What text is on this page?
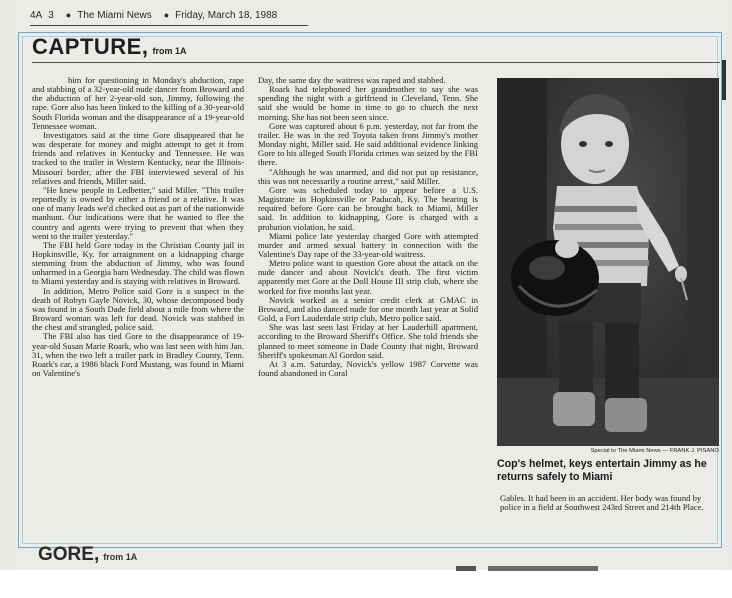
4A 3 ● The Miami News ● Friday, March 18, 1988
CAPTURE, from 1A

him for questioning in Monday's abduction, rape and stabbing of a 32-year-old nude dancer from Broward and the abduction of her 2-year-old son, Jimmy, following the rape. Gore also has been linked to the killing of a 30-year-old South Florida woman and the disappearance of a 19-year-old Tennessee woman.

Investigators said at the time Gore disappeared that he was desperate for money and might attempt to get it from friends and relatives in Kentucky and Tennessee. He was tracked to the trailer in Western Kentucky, near the Illinois-Missouri border, after the FBI interviewed several of his relatives and friends, Miller said.

"He knew people in Ledbetter," said Miller. "This trailer reportedly is owned by either a friend or a relative. It was one of many leads we'd checked out as part of the nationwide manhunt. Our indications were that he wanted to flee the country and agents were trying to prevent that when they went to the trailer yesterday."

The FBI held Gore today in the Christian County jail in Hopkinsville, Ky. for arraignment on a kidnapping charge stemming from the abduction of Jimmy, who was found unharmed in a Georgia barn Wednesday. The child was flown to Miami yesterday and is staying with relatives in Broward.

In addition, Metro Police said Gore is a suspect in the death of Robyn Gayle Novick, 30, whose decomposed body was found in a South Dade field about a mile from where the Broward woman was left for dead. Novick was stabbed in the chest and strangled, police said.

The FBI also has tied Gore to the disappearance of 19-year-old Susan Marie Roark, who was last seen with him Jan. 31, when the two left a trailer park in Bradley County, Tenn. Roark's car, a 1986 black Ford Mustang, was found in Miami on Valentine's

Day, the same day the waitress was raped and stabbed.

Roark had telephoned her grandmother to say she was spending the night with a girlfriend in Cleveland, Tenn. She said she would be home in time to go to church the next morning. She has not been seen since.

Gore was captured about 6 p.m. yesterday, not far from the trailer. He was in the red Toyota taken from Jimmy's mother Monday night, Miller said. He said additional evidence linking Gore to his alleged South Florida crimes was seized by the FBI there.

"Although he was unarmed, and did not put up resistance, this was not necessarily a routine arrest," said Miller.

Gore was scheduled today to appear before a U.S. Magistrate in Hopkinsville or Paducah, Ky. The hearing is required before Gore can be brought back to Miami, Miller said. In addition to kidnapping, Gore is charged with a probation violation, he said.

Miami police late yesterday charged Gore with attempted murder and armed sexual battery in connection with the Valentine's Day rape of the 33-year-old waitress.

Metro police want to question Gore about the attack on the nude dancer and about Novick's death. The first victim apparently met Gore at the Doll House III strip club, where she worked for five months last year.

Novick worked as a senior credit clerk at GMAC in Broward, and also danced nude for one month last year at Solid Gold, a Fort Lauderdale strip club, Metro police said.

She was last seen last Friday at her Lauderhill apartment, according to the Broward Sheriff's Office. She told friends she planned to meet someone in Dade County that night, Broward Sheriff's spokesman Al Gordon said.

At 3 a.m. Saturday, Novick's yellow 1987 Corvette was found abandoned in Coral

Special to The Miami News — FRANK J. PISANO
Cop's helmet, keys entertain Jimmy as he returns safely to Miami

Gables. It had been in an accident. Her body was found by police in a field at Southwest 243rd Street and 214th Place.

GORE, from 1A
